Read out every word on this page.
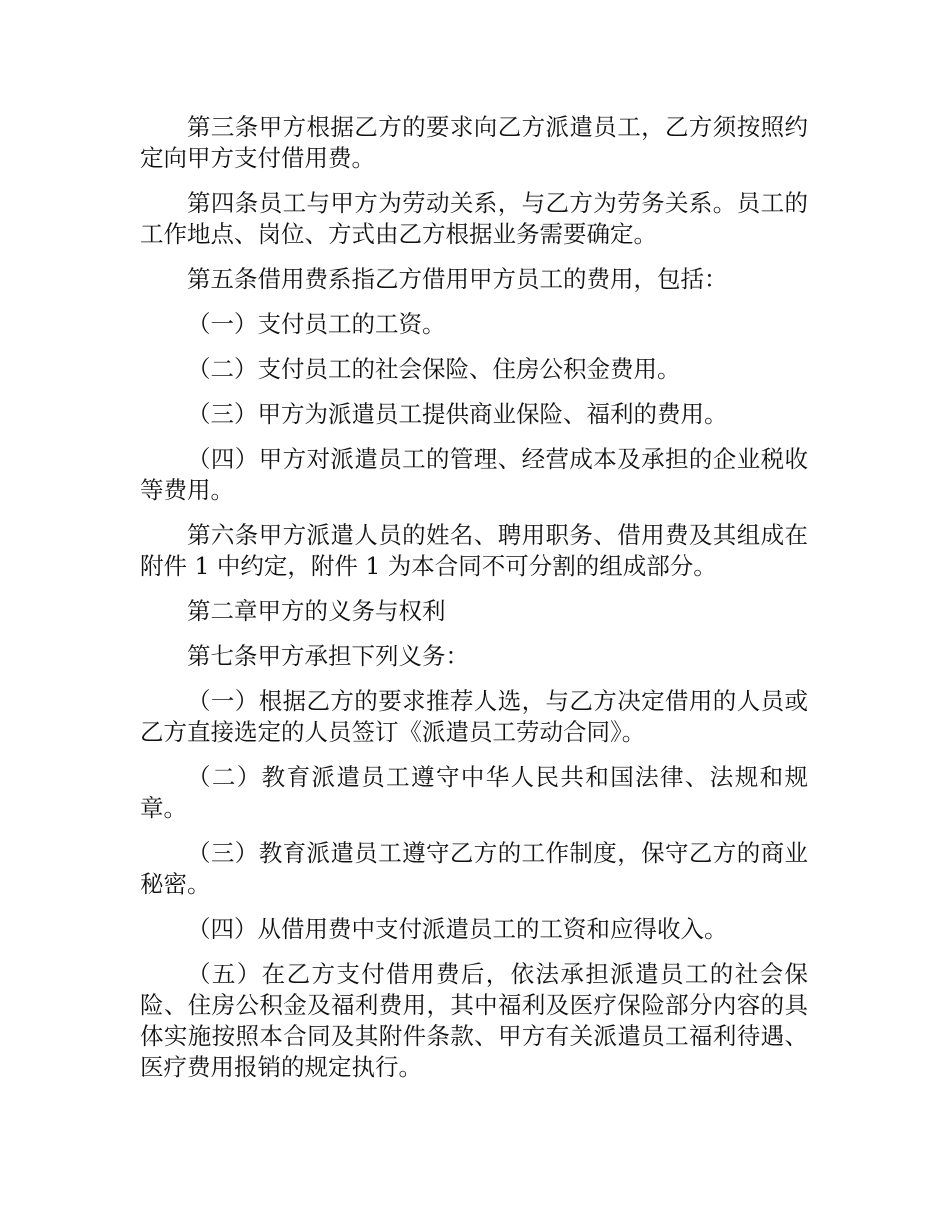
第三条甲方根据乙方的要求向乙方派遣员工，乙方须按照约定向甲方支付借用费。

第四条员工与甲方为劳动关系，与乙方为劳务关系。员工的工作地点、岗位、方式由乙方根据业务需要确定。

第五条借用费系指乙方借用甲方员工的费用，包括：

（一）支付员工的工资。

（二）支付员工的社会保险、住房公积金费用。

（三）甲方为派遣员工提供商业保险、福利的费用。

（四）甲方对派遣员工的管理、经营成本及承担的企业税收等费用。

第六条甲方派遣人员的姓名、聘用职务、借用费及其组成在附件 1 中约定，附件 1 为本合同不可分割的组成部分。

第二章甲方的义务与权利

第七条甲方承担下列义务：

（一）根据乙方的要求推荐人选，与乙方决定借用的人员或乙方直接选定的人员签订《派遣员工劳动合同》。

（二）教育派遣员工遵守中华人民共和国法律、法规和规章。

（三）教育派遣员工遵守乙方的工作制度，保守乙方的商业秘密。

（四）从借用费中支付派遣员工的工资和应得收入。

（五）在乙方支付借用费后，依法承担派遣员工的社会保险、住房公积金及福利费用，其中福利及医疗保险部分内容的具体实施按照本合同及其附件条款、甲方有关派遣员工福利待遇、医疗费用报销的规定执行。
